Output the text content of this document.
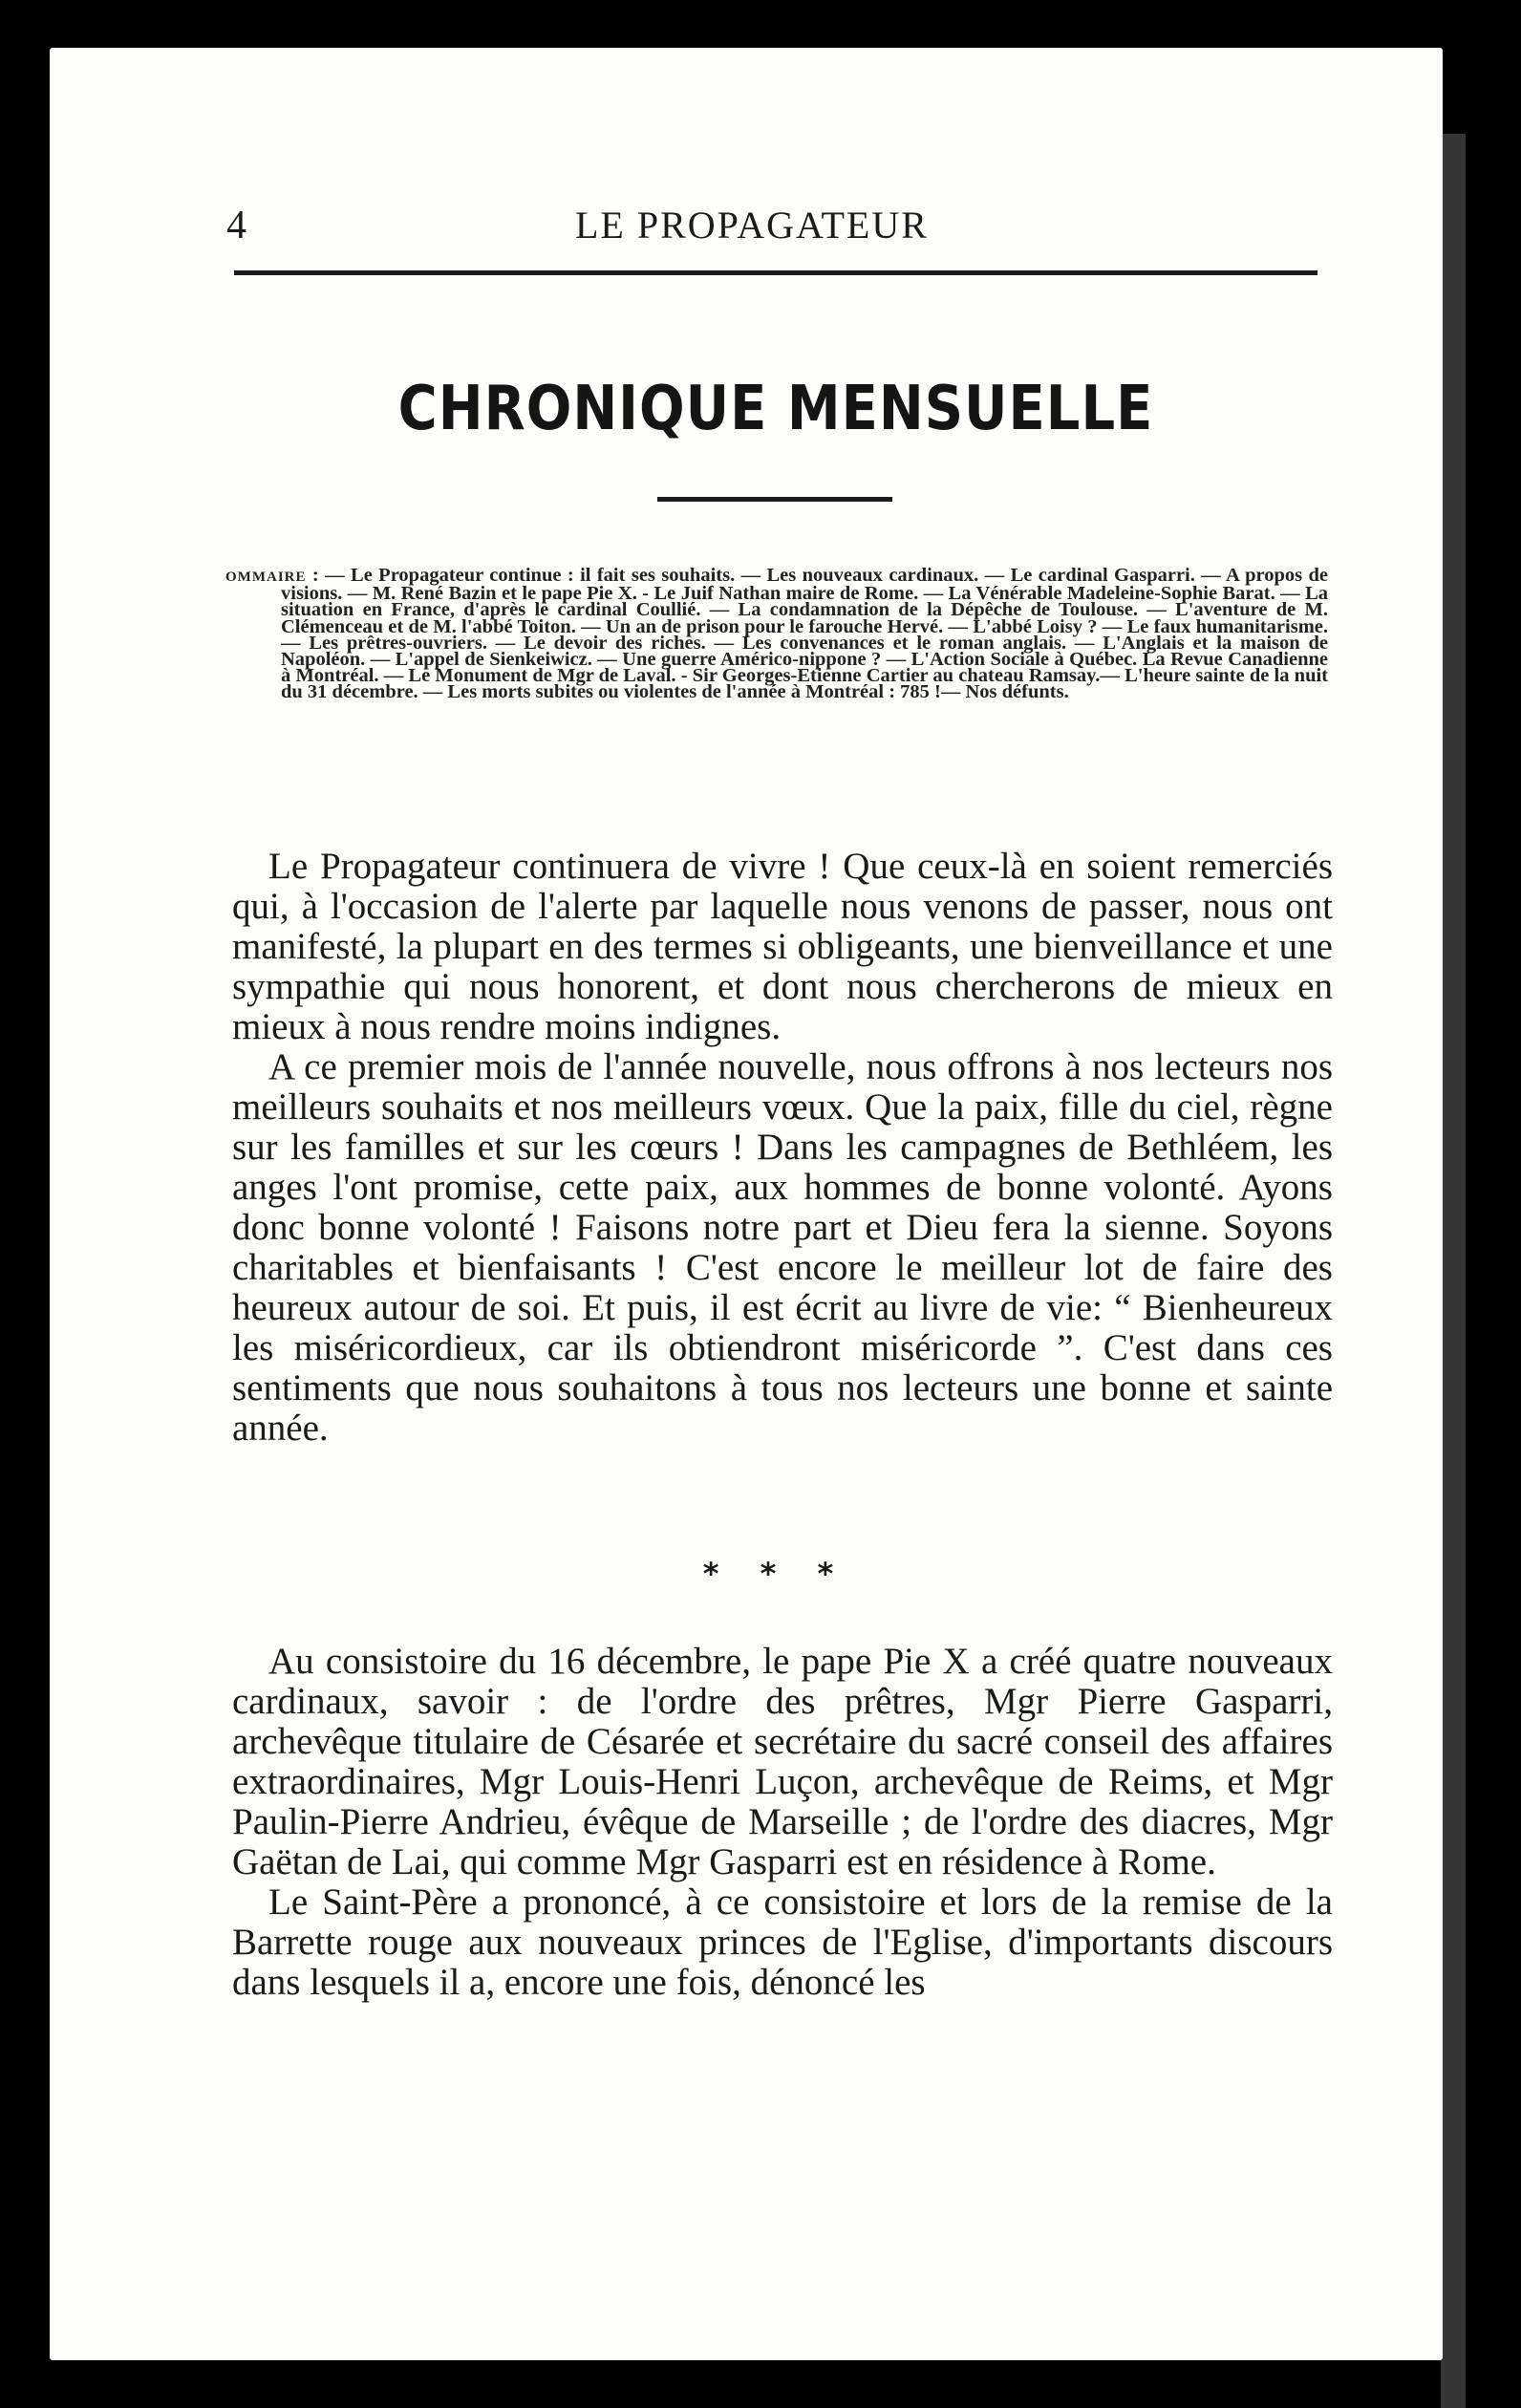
4	LE PROPAGATEUR
CHRONIQUE MENSUELLE
OMMAIRE : — Le Propagateur continue : il fait ses souhaits. — Les nouveaux cardinaux. — Le cardinal Gasparri. — A propos de visions. — M. René Bazin et le pape Pie X. - Le Juif Nathan maire de Rome. — La Vénérable Madeleine-Sophie Barat. — La situation en France, d'après le cardinal Coullié. — La condamnation de la Dépêche de Toulouse. — L'aventure de M. Clémenceau et de M. l'abbé Toiton. — Un an de prison pour le farouche Hervé. — L'abbé Loisy ? — Le faux humanitarisme. — Les prêtres-ouvriers. — Le devoir des riches. — Les convenances et le roman anglais. — L'Anglais et la maison de Napoléon. — L'appel de Sienkeiwicz. — Une guerre Américo-nippone ? — L'Action Sociale à Québec. La Revue Canadienne à Montréal. — Le Monument de Mgr de Laval. - Sir Georges-Etienne Cartier au chateau Ramsay.— L'heure sainte de la nuit du 31 décembre. — Les morts subites ou violentes de l'année à Montréal : 785 !— Nos défunts.

Le Propagateur continuera de vivre ! Que ceux-là en soient remerciés qui, à l'occasion de l'alerte par laquelle nous venons de passer, nous ont manifesté, la plupart en des termes si obligeants, une bienveillance et une sympathie qui nous honorent, et dont nous chercherons de mieux en mieux à nous rendre moins indignes.

A ce premier mois de l'année nouvelle, nous offrons à nos lecteurs nos meilleurs souhaits et nos meilleurs vœux. Que la paix, fille du ciel, règne sur les familles et sur les cœurs ! Dans les campagnes de Bethléem, les anges l'ont promise, cette paix, aux hommes de bonne volonté. Ayons donc bonne volonté ! Faisons notre part et Dieu fera la sienne. Soyons charitables et bienfaisants ! C'est encore le meilleur lot de faire des heureux autour de soi. Et puis, il est écrit au livre de vie: “ Bienheureux les miséricordieux, car ils obtiendront miséricorde ”. C'est dans ces sentiments que nous souhaitons à tous nos lecteurs une bonne et sainte année.

* * *

Au consistoire du 16 décembre, le pape Pie X a créé quatre nouveaux cardinaux, savoir : de l'ordre des prêtres, Mgr Pierre Gasparri, archevêque titulaire de Césarée et secrétaire du sacré conseil des affaires extraordinaires, Mgr Louis-Henri Luçon, archevêque de Reims, et Mgr Paulin-Pierre Andrieu, évêque de Marseille ; de l'ordre des diacres, Mgr Gaëtan de Lai, qui comme Mgr Gasparri est en résidence à Rome.

Le Saint-Père a prononcé, à ce consistoire et lors de la remise de la Barrette rouge aux nouveaux princes de l'Eglise, d'importants discours dans lesquels il a, encore une fois, dénoncé les
